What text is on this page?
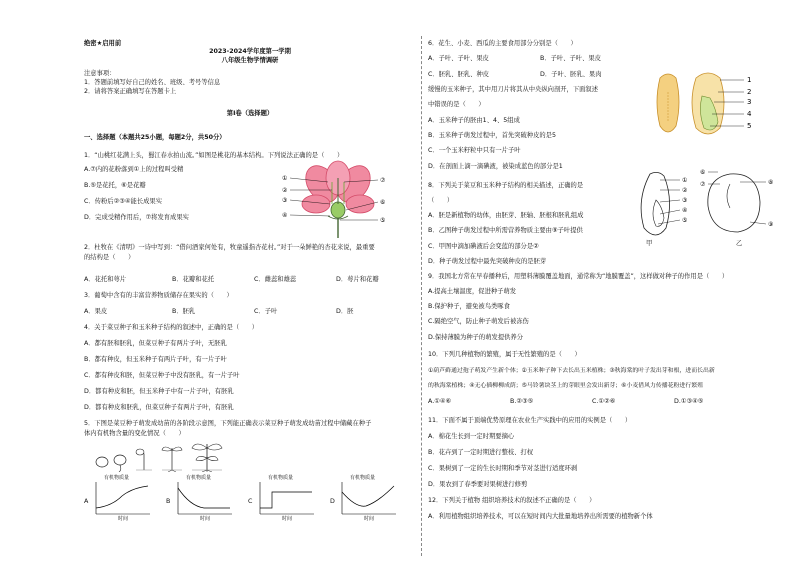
绝密★启用前
2023-2024学年度第一学期
八年级生物学情调研
注意事项：
1．答题前填写好自己的姓名、班级、考号等信息
2．请将答案正确填写在答题卡上
第I卷（选择题）
一、选择题（本题共25小题，每题2分，共50分）
1．“山桃红花满上头，蜀江春水拍山流。”如图是桃花的基本结构。下列说法正确的是（　　）
A.⑦内的花粉落到①上的过程叫受精
B.⑤是花托，⑥是花瓣
C．传粉后②③④能长成果实
D．完成受精作用后，⑦将发育成果实
①
②
③
④
⑦
⑥
⑤
2．杜牧在《清明》一诗中写到：“借问酒家何处有，牧童遥指杏花村。”对于一朵鲜艳的杏花来说，最重要
的结构是（　　）
A．花托和萼片	B．花瓣和花托	C．雌蕊和雄蕊	D．萼片和花瓣
3．葡萄中含有的丰富营养物质储存在果实的（　　）
A．果皮	B．胚乳	C．子叶	D．胚
4．关于菜豆种子和玉米种子结构的叙述中，正确的是（　　）
A．都有胚和胚乳，但菜豆种子有两片子叶，无胚乳
B．都有种皮，但玉米种子有两片子叶，有一片子叶
C．都有种皮和胚，但菜豆种子中没有胚乳，有一片子叶
D．都有种皮和胚，但玉米种子中有一片子叶，有胚乳
D．都有种皮和胚乳，但菜豆种子有两片子叶，有胚乳
5．下图是菜豆种子萌发成幼苗的各阶段示意图，下列能正确表示菜豆种子萌发成幼苗过程中储藏在种子
体内有机物含量的变化情况（　　）
A	B	C	D
有机物质量	有机物质量	有机物质量	有机物质量
时间	时间	时间	时间
6．花生、小麦、西瓜的主要食用部分分别是（　　）
A．子叶、子叶、果皮	B．子叶、子叶、果皮
C．胚乳、胚乳、种皮	D．子叶、胚乳、果肉
缓慢的玉米种子，其中用刀片将其从中央纵向剖开，下面叙述
中错误的是（　　）
A．玉米种子的胚由1、4、5组成
B．玉米种子萌发过程中，首先突破种皮的是5
C．一个玉米籽粒中只有一片子叶
D．在剖面上滴一滴碘液，被染成蓝色的部分是1
1
2
3
4
5
8．下列关于菜豆和玉米种子结构的相关描述，正确的是
（　　）
A．胚是新植物的幼体，由胚芽、胚轴、胚根和胚乳组成
B．乙图种子萌发过程中所需营养物质主要由⑨子叶提供
C．甲图中滴加碘液后会变蓝的部分是②
D．种子萌发过程中最先突破种皮的是胚芽
①
②
③
④
⑤
甲
⑥
⑦	⑧
⑨
乙
9．我国北方常在早春播种后，用塑料薄膜覆盖地面，通常称为“地膜覆盖”，这样做对种子的作用是（　　）
A.提高土壤温度，促进种子萌发
B.保护种子，避免被鸟类啄食
C.隔绝空气，防止种子萌发后被冻伤
D.保持薄膜为种子的萌发提供养分
10．下列几种植物的繁殖，属于无性繁殖的是（　　）
①葫芦藓通过孢子萌发产生新个体；②玉米种子种下去长出玉米植株；③秋海棠的叶子发出芽和根，进而长出新
的秋海棠植株；④无心插柳柳成荫；⑤马铃薯块茎上的芽眼里会发出新芽；⑥小麦借风力传播花粉进行繁殖
A.①④⑥	B.②③⑤	C.①②⑥	D.①③④⑤
11．下面不属于顶端优势原理在农业生产实践中的应用的实例是（　　）
A．棉花生长到一定时期要摘心
B．花卉到了一定时期进行整枝、打杈
C．果树到了一定的生长时期和季节对茎进行适度环剥
D．果农到了春季要对果树进行修剪
12．下列关于植物 组织培养技术的叙述不正确的是（　　）
A．利用植物组织培养技术，可以在短时间内大批量地培养出所需要的植物新个体
